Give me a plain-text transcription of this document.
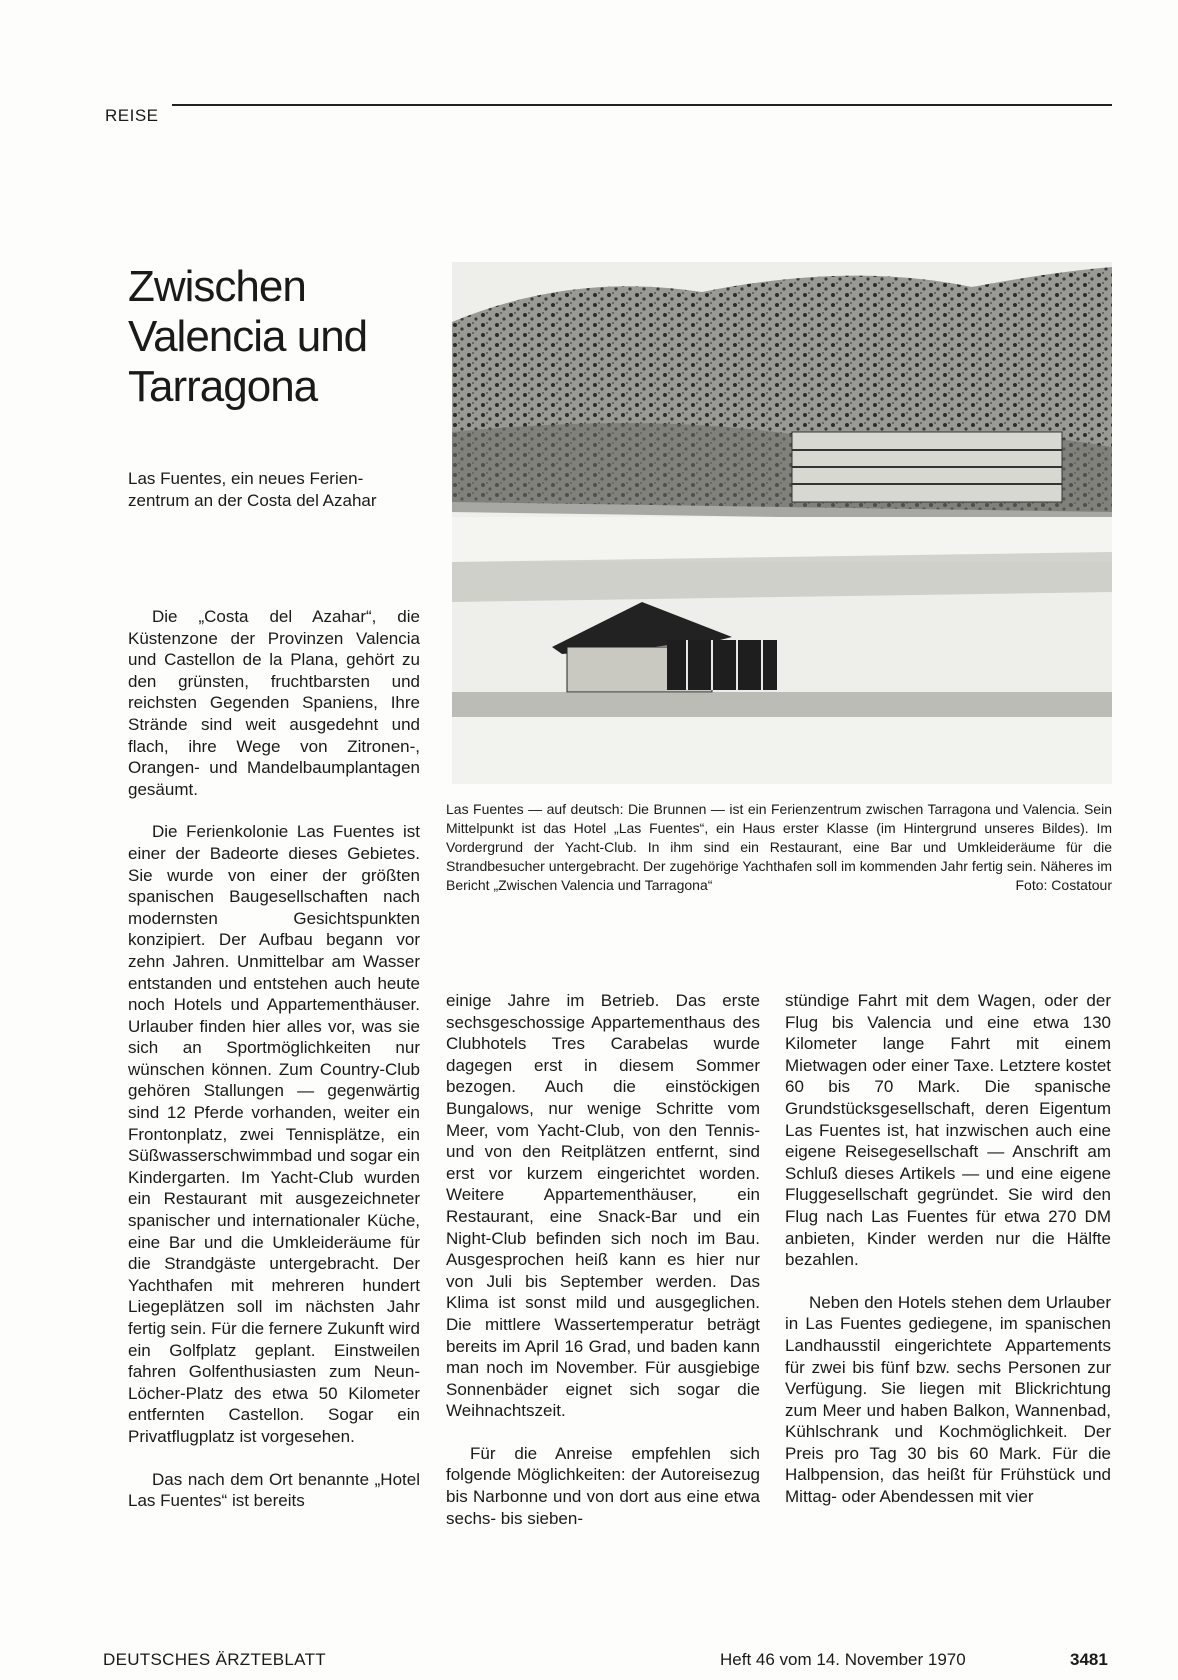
REISE
Zwischen
Valencia und
Tarragona
Las Fuentes, ein neues Ferien-
zentrum an der Costa del Azahar
Las Fuentes — auf deutsch: Die Brunnen — ist ein Ferienzentrum zwischen Tarragona und Valencia. Sein Mittelpunkt ist das Hotel „Las Fuentes“, ein Haus erster Klasse (im Hintergrund unseres Bildes). Im Vordergrund der Yacht-Club. In ihm sind ein Restaurant, eine Bar und Umkleideräume für die Strandbesucher untergebracht. Der zugehörige Yachthafen soll im kommenden Jahr fertig sein. Näheres im Bericht „Zwischen Valencia und Tarragona“	Foto: Costatour

Die „Costa del Azahar“, die Küstenzone der Provinzen Valencia und Castellon de la Plana, gehört zu den grünsten, fruchtbarsten und reichsten Gegenden Spaniens, Ihre Strände sind weit ausgedehnt und flach, ihre Wege von Zitronen-, Orangen- und Mandelbaumplantagen gesäumt.

Die Ferienkolonie Las Fuentes ist einer der Badeorte dieses Gebietes. Sie wurde von einer der größten spanischen Baugesellschaften nach modernsten Gesichtspunkten konzipiert. Der Aufbau begann vor zehn Jahren. Unmittelbar am Wasser entstanden und entstehen auch heute noch Hotels und Appartementhäuser. Urlauber finden hier alles vor, was sie sich an Sportmöglichkeiten nur wünschen können. Zum Country-Club gehören Stallungen — gegenwärtig sind 12 Pferde vorhanden, weiter ein Frontonplatz, zwei Tennisplätze, ein Süßwasserschwimmbad und sogar ein Kindergarten. Im Yacht-Club wurden ein Restaurant mit ausgezeichneter spanischer und internationaler Küche, eine Bar und die Umkleideräume für die Strandgäste untergebracht. Der Yachthafen mit mehreren hundert Liegeplätzen soll im nächsten Jahr fertig sein. Für die fernere Zukunft wird ein Golfplatz geplant. Einstweilen fahren Golfenthusiasten zum Neun-Löcher-Platz des etwa 50 Kilometer entfernten Castellon. Sogar ein Privatflugplatz ist vorgesehen.

Das nach dem Ort benannte „Hotel Las Fuentes“ ist bereits

einige Jahre im Betrieb. Das erste sechsgeschossige Appartementhaus des Clubhotels Tres Carabelas wurde dagegen erst in diesem Sommer bezogen. Auch die einstöckigen Bungalows, nur wenige Schritte vom Meer, vom Yacht-Club, von den Tennis- und von den Reitplätzen entfernt, sind erst vor kurzem eingerichtet worden. Weitere Appartementhäuser, ein Restaurant, eine Snack-Bar und ein Night-Club befinden sich noch im Bau. Ausgesprochen heiß kann es hier nur von Juli bis September werden. Das Klima ist sonst mild und ausgeglichen. Die mittlere Wassertemperatur beträgt bereits im April 16 Grad, und baden kann man noch im November. Für ausgiebige Sonnenbäder eignet sich sogar die Weihnachtszeit.

Für die Anreise empfehlen sich folgende Möglichkeiten: der Autoreisezug bis Narbonne und von dort aus eine etwa sechs- bis sieben-

stündige Fahrt mit dem Wagen, oder der Flug bis Valencia und eine etwa 130 Kilometer lange Fahrt mit einem Mietwagen oder einer Taxe. Letztere kostet 60 bis 70 Mark. Die spanische Grundstücksgesellschaft, deren Eigentum Las Fuentes ist, hat inzwischen auch eine eigene Reisegesellschaft — Anschrift am Schluß dieses Artikels — und eine eigene Fluggesellschaft gegründet. Sie wird den Flug nach Las Fuentes für etwa 270 DM anbieten, Kinder werden nur die Hälfte bezahlen.

Neben den Hotels stehen dem Urlauber in Las Fuentes gediegene, im spanischen Landhausstil eingerichtete Appartements für zwei bis fünf bzw. sechs Personen zur Verfügung. Sie liegen mit Blickrichtung zum Meer und haben Balkon, Wannenbad, Kühlschrank und Kochmöglichkeit. Der Preis pro Tag 30 bis 60 Mark. Für die Halbpension, das heißt für Frühstück und Mittag- oder Abendessen mit vier

DEUTSCHES ÄRZTEBLATT	Heft 46 vom 14. November 1970	3481
